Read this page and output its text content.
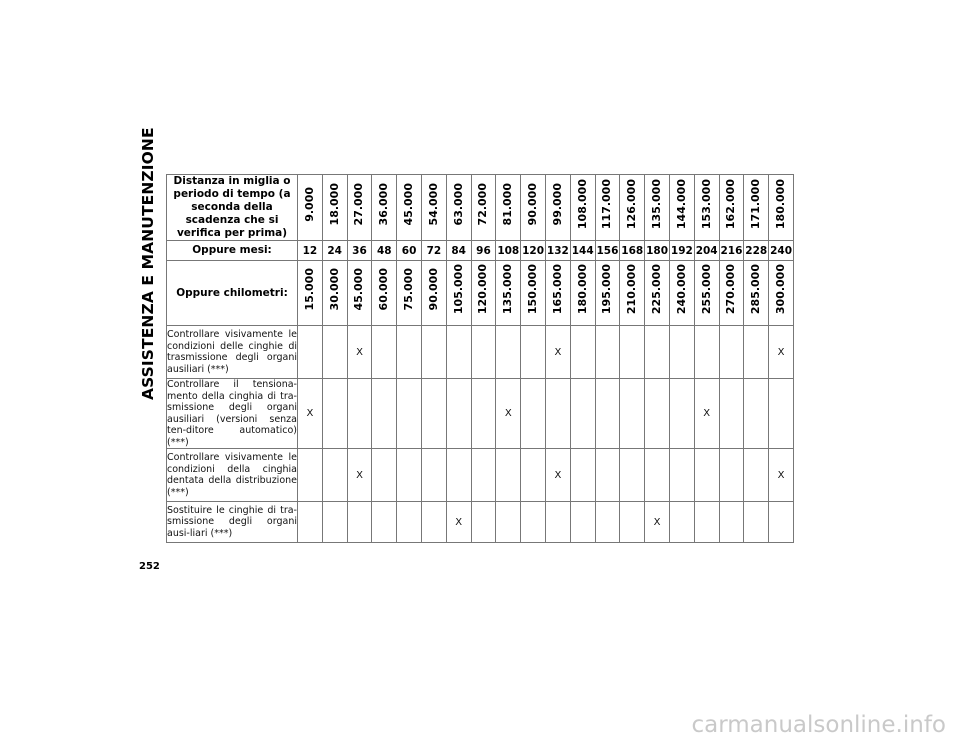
ASSISTENZA E MANUTENZIONE Distanza in miglia o periodo di tempo (a seconda della scadenza che si verifica per prima)	9.000	18.000	27.000	36.000	45.000	54.000	63.000	72.000	81.000	90.000	99.000	108.000	117.000	126.000	135.000	144.000	153.000	162.000	171.000	180.000
Oppure mesi:	12	24	36	48	60	72	84	96	108	120	132	144	156	168	180	192	204	216	228	240
Oppure chilometri:	15.000	30.000	45.000	60.000	75.000	90.000	105.000	120.000	135.000	150.000	165.000	180.000	195.000	210.000	225.000	240.000	255.000	270.000	285.000	300.000
Controllare visivamente le condizioni delle cinghie di trasmissione degli organi ausiliari (***)			X								X									X
Controllare il tensiona-mento della cinghia di tra-smissione degli organi ausiliari (versioni senza ten-ditore automatico) (***)	X								X								X			
Controllare visivamente le condizioni della cinghia dentata della distribuzione (***)			X								X									X
Sostituire le cinghie di tra-smissione degli organi ausi-liari (***)							X								X					
252
carmanualsonline.info
